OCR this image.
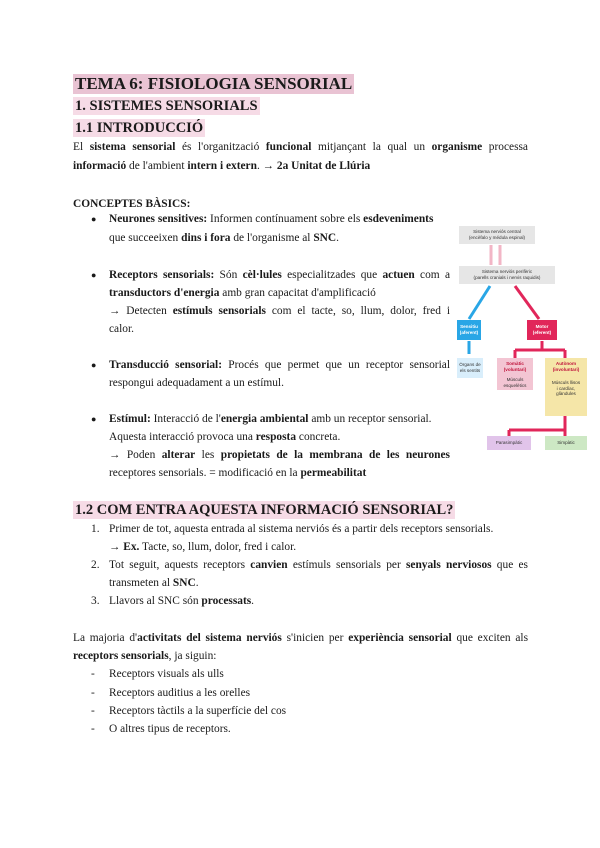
TEMA 6: FISIOLOGIA SENSORIAL
1. SISTEMES SENSORIALS
1.1 INTRODUCCIÓ
El sistema sensorial és l'organització funcional mitjançant la qual un organisme processa
informació de l'ambient intern i extern. → 2a Unitat de Llúria
CONCEPTES BÀSICS:
● Neurones sensitives: Informen contínuament sobre els esdeveniments
que succeeixen dins i fora de l'organisme al SNC.
● Receptors sensorials: Són cèl·lules especialitzades que actuen com a
transductors d'energia amb gran capacitat d'amplificació
→ Detecten estímuls sensorials com el tacte, so, llum, dolor, fred i
calor.
● Transducció sensorial: Procés que permet que un receptor sensorial
respongui adequadament a un estímul.
● Estímul: Interacció de l'energia ambiental amb un receptor sensorial.
Aquesta interacció provoca una resposta concreta.
→ Poden alterar les propietats de la membrana de les neurones
receptores sensorials. = modificació en la permeabilitat
Sistema nerviós central
(encèfalo y médula espinal)
Sistema nerviós perifèric
(parells cranials i nervis raquidis)
Sensitiu
(aferent)
Motor
(eferent)
Òrgans de
els sentits
Somàtic
(voluntari)
Músculs
esquelètics
Autònom
(involuntari)
Músculs llisos
i cardíac,
glàndules
Parasimpàtic	Simpàtic
1.2 COM ENTRA AQUESTA INFORMACIÓ SENSORIAL?
1. Primer de tot, aquesta entrada al sistema nerviós és a partir dels receptors sensorials.
→ Ex. Tacte, so, llum, dolor, fred i calor.
2. Tot seguit, aquests receptors canvien estímuls sensorials per senyals nerviosos que es
transmeten al SNC.
3. Llavors al SNC són processats.
La majoria d'activitats del sistema nerviós s'inicien per experiència sensorial que exciten als
receptors sensorials, ja siguin:
- Receptors visuals als ulls
- Receptors auditius a les orelles
- Receptors tàctils a la superfície del cos
- O altres tipus de receptors.
